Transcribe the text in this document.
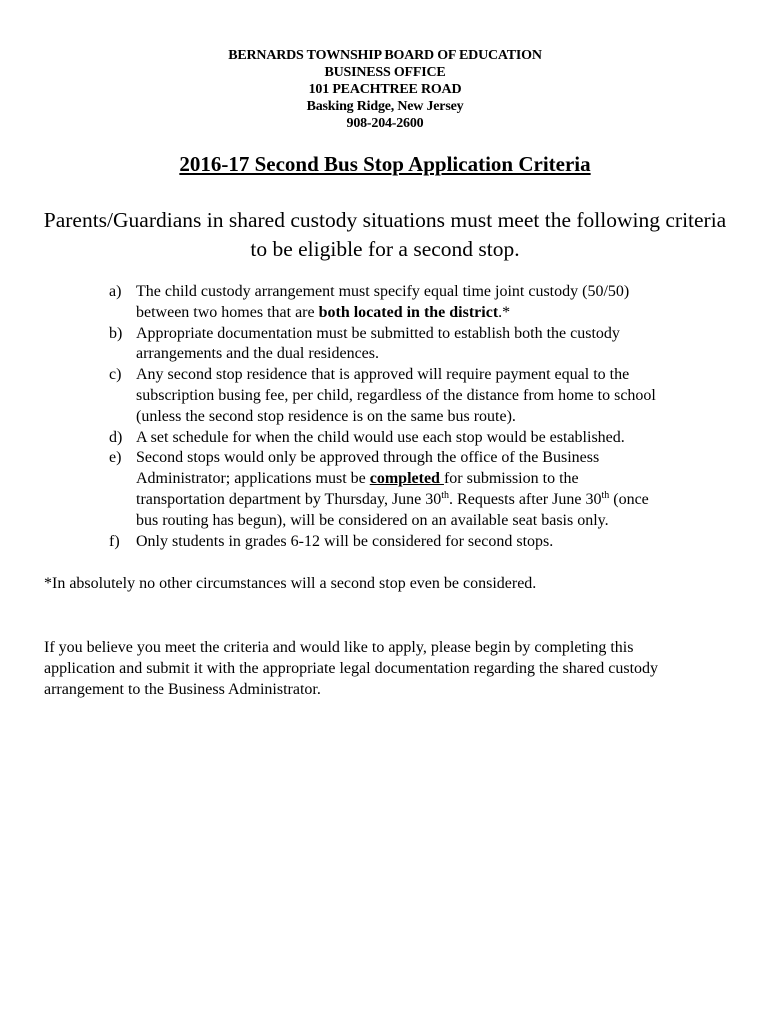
BERNARDS TOWNSHIP BOARD OF EDUCATION
BUSINESS OFFICE
101 PEACHTREE ROAD
Basking Ridge, New Jersey
908-204-2600
2016-17 Second Bus Stop Application Criteria
Parents/Guardians in shared custody situations must meet the following criteria to be eligible for a second stop.
a) The child custody arrangement must specify equal time joint custody (50/50)
between two homes that are both located in the district.*
b) Appropriate documentation must be submitted to establish both the custody
arrangements and the dual residences.
c) Any second stop residence that is approved will require payment equal to the
subscription busing fee, per child, regardless of the distance from home to school
(unless the second stop residence is on the same bus route).
d) A set schedule for when the child would use each stop would be established.
e) Second stops would only be approved through the office of the Business
Administrator; applications must be completed for submission to the
transportation department by Thursday, June 30th. Requests after June 30th (once
bus routing has begun), will be considered on an available seat basis only.
f) Only students in grades 6-12 will be considered for second stops.
*In absolutely no other circumstances will a second stop even be considered.
If you believe you meet the criteria and would like to apply, please begin by completing this
application and submit it with the appropriate legal documentation regarding the shared custody
arrangement to the Business Administrator.
